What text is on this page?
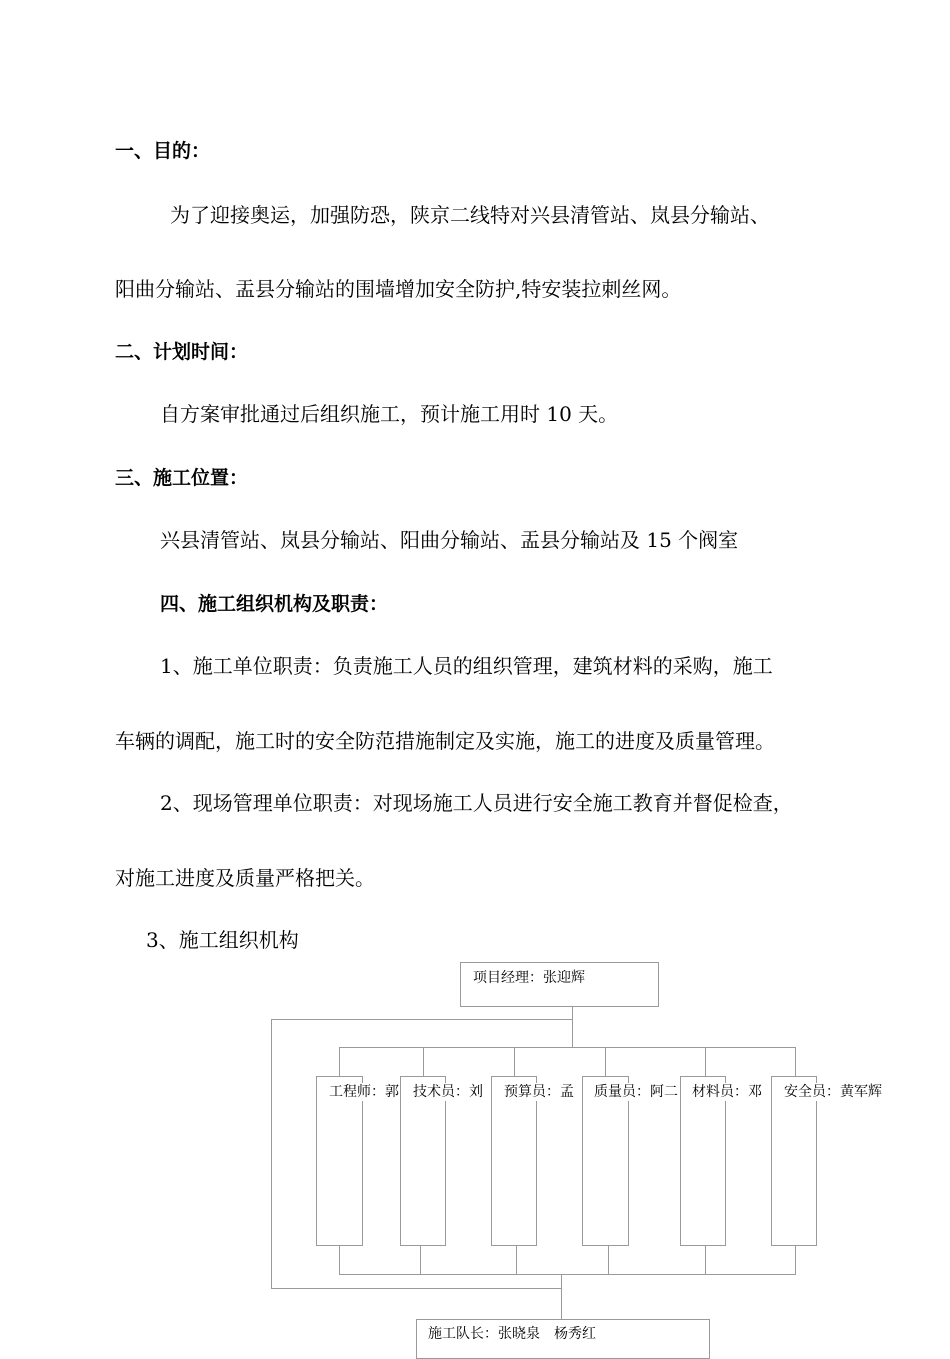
一、目的：
为了迎接奥运，加强防恐，陕京二线特对兴县清管站、岚县分输站、
阳曲分输站、盂县分输站的围墙增加安全防护,特安装拉刺丝网。
二、计划时间：
自方案审批通过后组织施工，预计施工用时 10 天。
三、施工位置：
兴县清管站、岚县分输站、阳曲分输站、盂县分输站及 15 个阀室
四、施工组织机构及职责：
1、施工单位职责：负责施工人员的组织管理，建筑材料的采购，施工
车辆的调配，施工时的安全防范措施制定及实施，施工的进度及质量管理。
2、现场管理单位职责：对现场施工人员进行安全施工教育并督促检查，
对施工进度及质量严格把关。
3、施工组织机构
项目经理：张迎辉
工程师：郭 技术员：刘 预算员：孟 质量员：阿二 材料员：邓 安全员：黄军辉
施工队长：张晓泉　杨秀红
